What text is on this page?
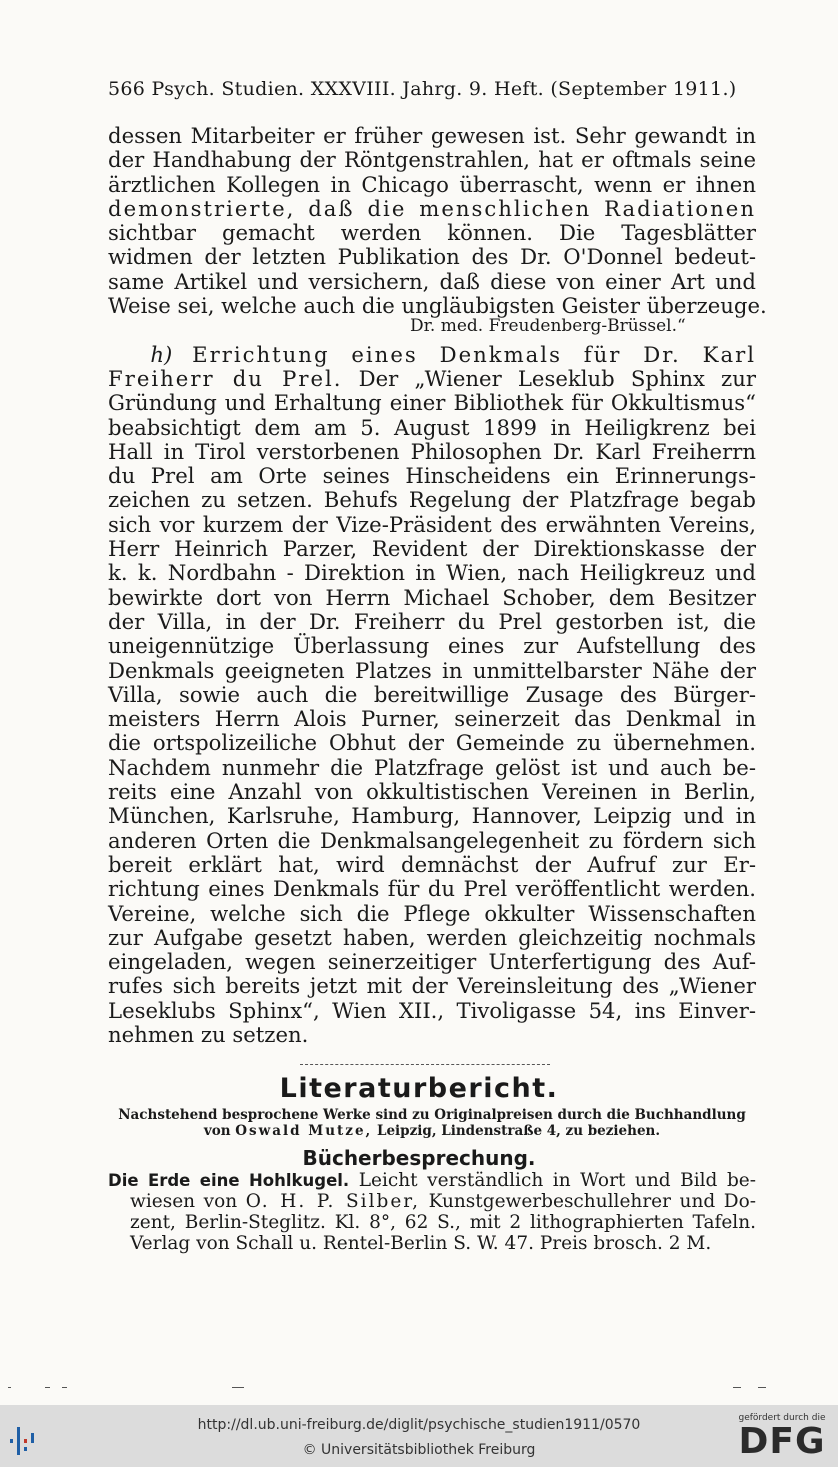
566 Psych. Studien. XXXVIII. Jahrg. 9. Heft. (September 1911.)
dessen Mitarbeiter er früher gewesen ist. Sehr gewandt in
der Handhabung der Röntgenstrahlen, hat er oftmals seine
ärztlichen Kollegen in Chicago überrascht, wenn er ihnen
demonstrierte, daß die menschlichen Radiationen
sichtbar gemacht werden können. Die Tagesblätter
widmen der letzten Publikation des Dr. O'Donnel bedeut-
same Artikel und versichern, daß diese von einer Art und
Weise sei, welche auch die ungläubigsten Geister überzeuge.
  h) Errichtung eines Denkmals für Dr. Karl
Freiherr du Prel. Der „Wiener Leseklub Sphinx zur
Gründung und Erhaltung einer Bibliothek für Okkultismus“
beabsichtigt dem am 5. August 1899 in Heiligkrenz bei
Hall in Tirol verstorbenen Philosophen Dr. Karl Freiherrn
du Prel am Orte seines Hinscheidens ein Erinnerungs-
zeichen zu setzen. Behufs Regelung der Platzfrage begab
sich vor kurzem der Vize-Präsident des erwähnten Vereins,
Herr Heinrich Parzer, Revident der Direktionskasse der
k. k. Nordbahn - Direktion in Wien, nach Heiligkreuz und
bewirkte dort von Herrn Michael Schober, dem Besitzer
der Villa, in der Dr. Freiherr du Prel gestorben ist, die
uneigennützige Überlassung eines zur Aufstellung des
Denkmals geeigneten Platzes in unmittelbarster Nähe der
Villa, sowie auch die bereitwillige Zusage des Bürger-
meisters Herrn Alois Purner, seinerzeit das Denkmal in
die ortspolizeiliche Obhut der Gemeinde zu übernehmen.
Nachdem nunmehr die Platzfrage gelöst ist und auch be-
reits eine Anzahl von okkultistischen Vereinen in Berlin,
München, Karlsruhe, Hamburg, Hannover, Leipzig und in
anderen Orten die Denkmalsangelegenheit zu fördern sich
bereit erklärt hat, wird demnächst der Aufruf zur Er-
richtung eines Denkmals für du Prel veröffentlicht werden.
Vereine, welche sich die Pflege okkulter Wissenschaften
zur Aufgabe gesetzt haben, werden gleichzeitig nochmals
eingeladen, wegen seinerzeitiger Unterfertigung des Auf-
rufes sich bereits jetzt mit der Vereinsleitung des „Wiener
Leseklubs Sphinx“, Wien XII., Tivoligasse 54, ins Einver-
nehmen zu setzen.
Dr. med. Freudenberg-Brüssel.“
Literaturbericht.
Nachstehend besprochene Werke sind zu Originalpreisen durch die Buchhandlung
von Oswald Mutze, Leipzig, Lindenstraße 4, zu beziehen.
Bücherbesprechung.
Die Erde eine Hohlkugel. Leicht verständlich in Wort und Bild be-
wiesen von O. H. P. Silber, Kunstgewerbeschullehrer und Do-
zent, Berlin-Steglitz. Kl. 8°, 62 S., mit 2 lithographierten Tafeln.
Verlag von Schall u. Rentel-Berlin S. W. 47. Preis brosch. 2 M.
http://dl.ub.uni-freiburg.de/diglit/psychische_studien1911/0570
© Universitätsbibliothek Freiburg
gefördert durch die
DFG
